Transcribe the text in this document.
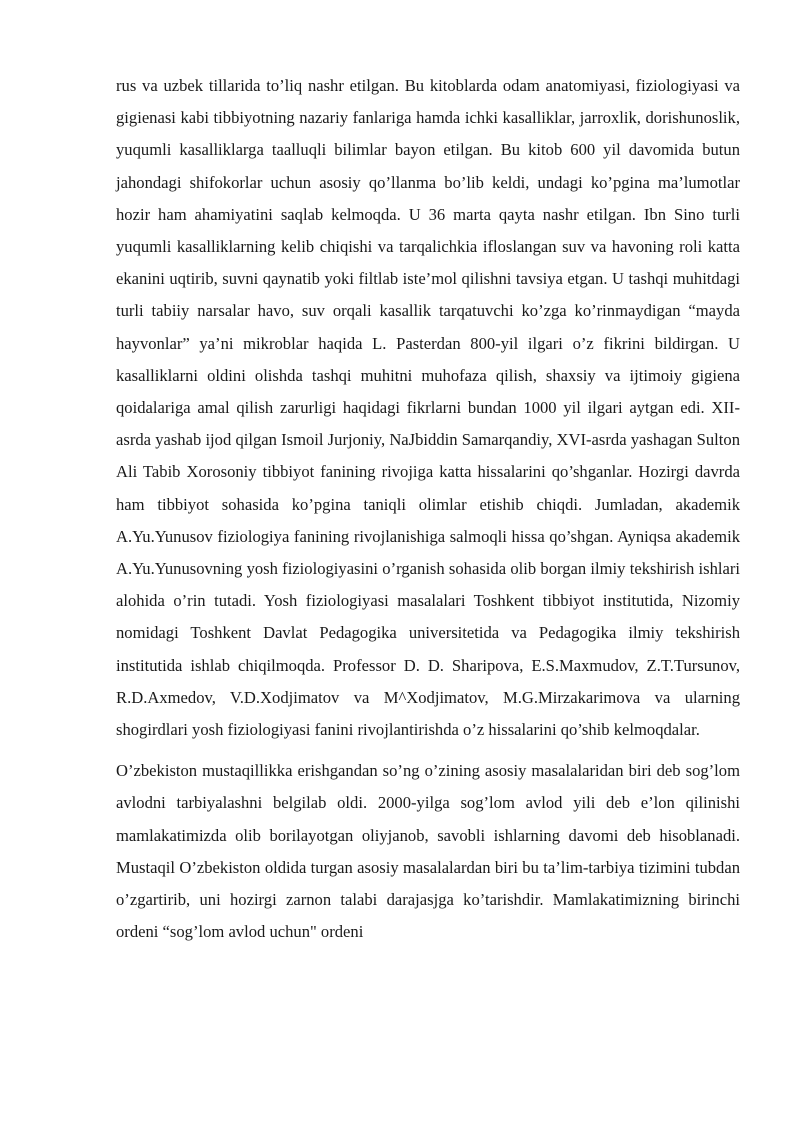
rus va uzbek tillarida to’liq nashr etilgan. Bu kitoblarda odam anatomiyasi, fiziologiyasi va gigienasi kabi tibbiyotning nazariy fanlariga hamda ichki kasalliklar, jarroxlik, dorishunoslik, yuqumli kasalliklarga taalluqli bilimlar bayon etilgan. Bu kitob 600 yil davomida butun jahondagi shifokorlar uchun asosiy qo’llanma bo’lib keldi, undagi ko’pgina ma’lumotlar hozir ham ahamiyatini saqlab kelmoqda. U 36 marta qayta nashr etilgan. Ibn Sino turli yuqumli kasalliklarning kelib chiqishi va tarqalichkia ifloslangan suv va havoning roli katta ekanini uqtirib, suvni qaynatib yoki filtlab iste’mol qilishni tavsiya etgan. U tashqi muhitdagi turli tabiiy narsalar havo, suv orqali kasallik tarqatuvchi ko’zga ko’rinmaydigan “mayda hayvonlar” ya’ni mikroblar haqida L. Pasterdan 800-yil ilgari o’z fikrini bildirgan. U kasalliklarni oldini olishda tashqi muhitni muhofaza qilish, shaxsiy va ijtimoiy gigiena qoidalariga amal qilish zarurligi haqidagi fikrlarni bundan 1000 yil ilgari aytgan edi. XII-asrda yashab ijod qilgan Ismoil Jurjoniy, NaJbiddin Samarqandiy, XVI-asrda yashagan Sulton Ali Tabib Xorosoniy tibbiyot fanining rivojiga katta hissalarini qo’shganlar. Hozirgi davrda ham tibbiyot sohasida ko’pgina taniqli olimlar etishib chiqdi. Jumladan, akademik A.Yu.Yunusov fiziologiya fanining rivojlanishiga salmoqli hissa qo’shgan. Ayniqsa akademik A.Yu.Yunusovning yosh fiziologiyasini o’rganish sohasida olib borgan ilmiy tekshirish ishlari alohida o’rin tutadi. Yosh fiziologiyasi masalalari Toshkent tibbiyot institutida, Nizomiy nomidagi Toshkent Davlat Pedagogika universitetida va Pedagogika ilmiy tekshirish institutida ishlab chiqilmoqda. Professor D. D. Sharipova, E.S.Maxmudov, Z.T.Tursunov, R.D.Axmedov, V.D.Xodjimatov va M^Xodjimatov, M.G.Mirzakarimova va ularning shogirdlari yosh fiziologiyasi fanini rivojlantirishda o’z hissalarini qo’shib kelmoqdalar.

O’zbekiston mustaqillikka erishgandan so’ng o’zining asosiy masalalaridan biri deb sog’lom avlodni tarbiyalashni belgilab oldi. 2000-yilga sog’lom avlod yili deb e’lon qilinishi mamlakatimizda olib borilayotgan oliyjanob, savobli ishlarning davomi deb hisoblanadi. Mustaqil O’zbekiston oldida turgan asosiy masalalardan biri bu ta’lim-tarbiya tizimini tubdan o’zgartirib, uni hozirgi zarnon talabi darajasjga ko’tarishdir. Mamlakatimizning birinchi ordeni “sog’lom avlod uchun" ordeni
